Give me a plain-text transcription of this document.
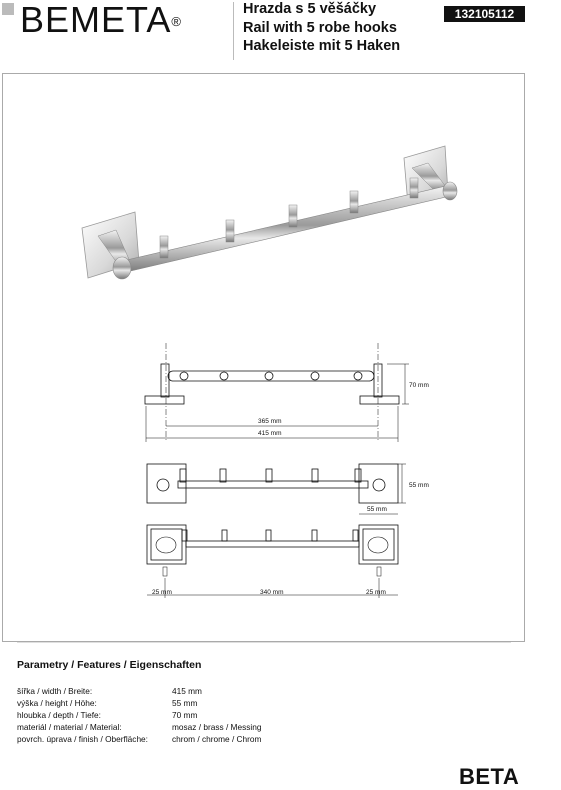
BEMETA®
Hrazda s 5 věšáčky
Rail with 5 robe hooks
Hakeleiste mit 5 Haken
132105112
70 mm
365 mm
415 mm
55 mm
55 mm
25 mm	340 mm	25 mm
Parametry / Features / Eigenschaften
šířka / width / Breite:	415 mm
výška / height / Höhe:	55 mm
hloubka / depth / Tiefe:	70 mm
materiál / material / Material:	mosaz / brass / Messing
povrch. úprava / finish / Oberfläche:	chrom / chrome / Chrom
BETA
